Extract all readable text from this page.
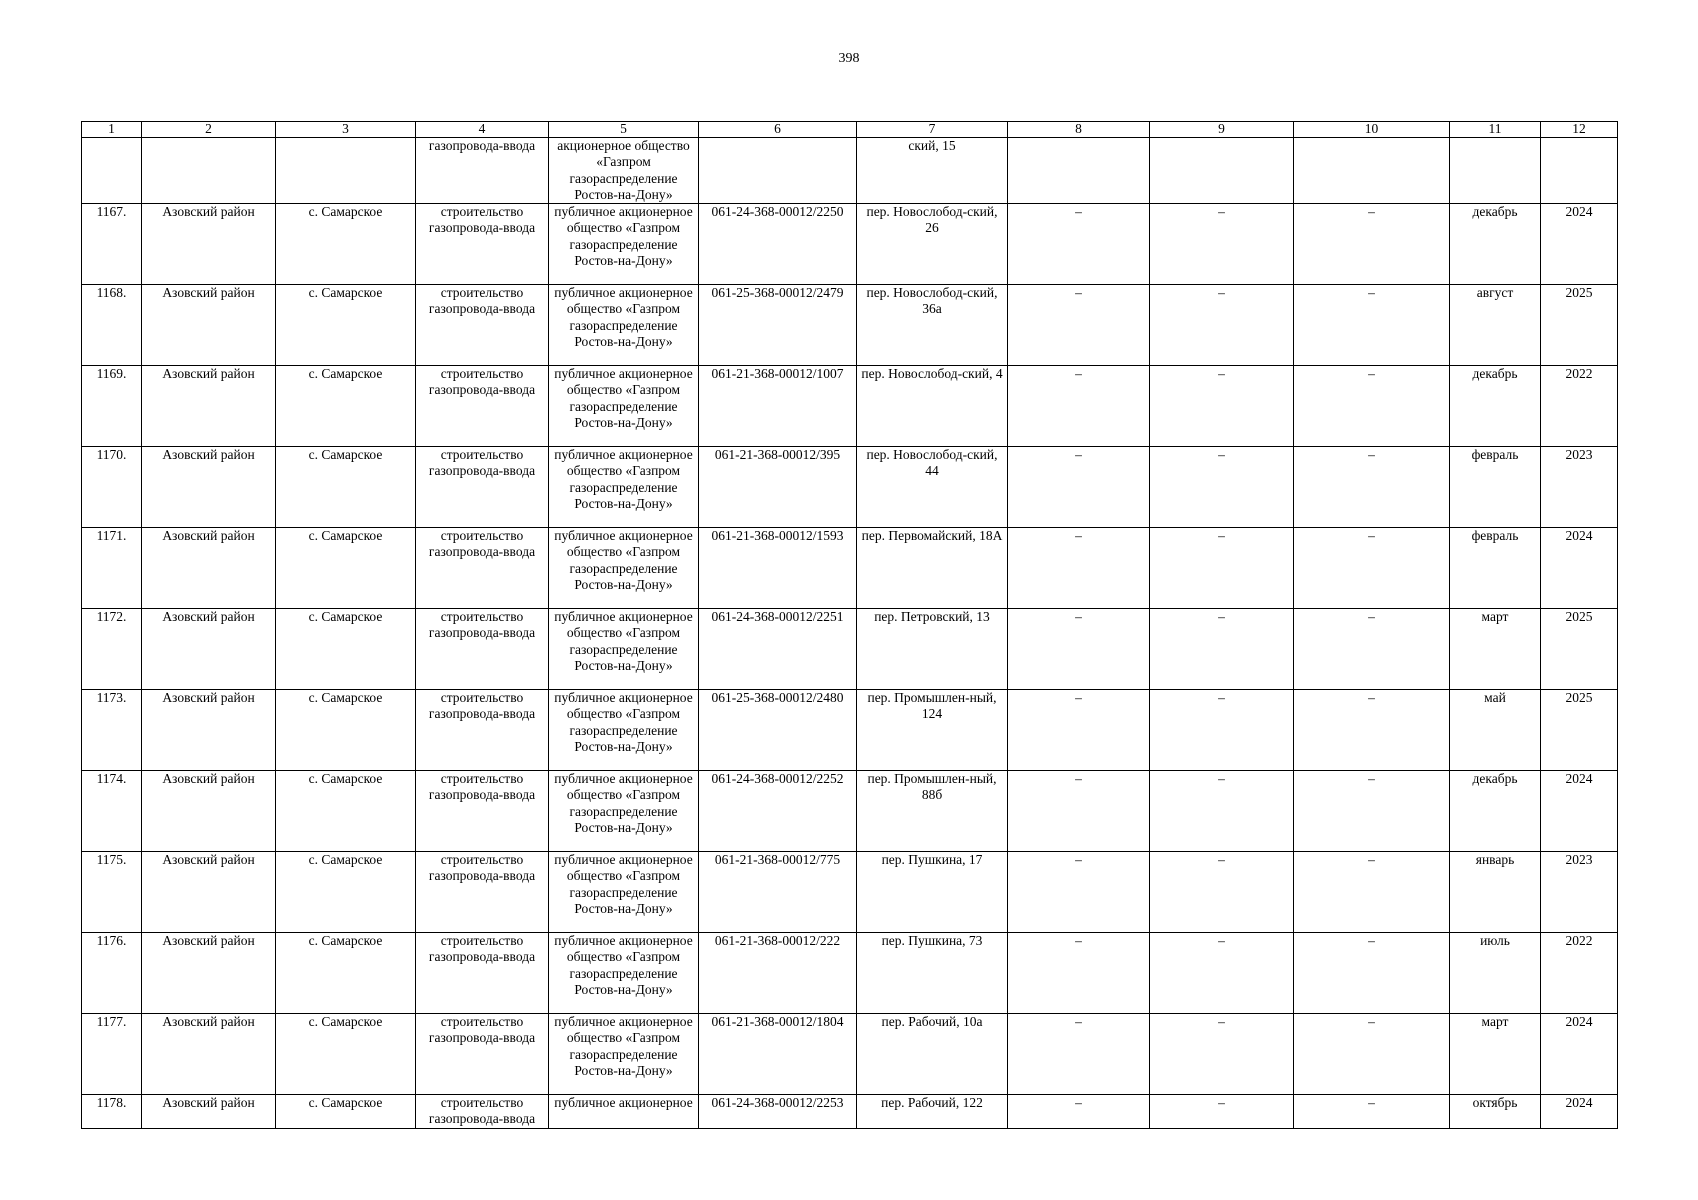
398
1	2	3	4	5	6	7	8	9	10	11	12
			газопровода-ввода	акционерное общество «Газпром газораспределение Ростов-на-Дону»		ский, 15					
1167.	Азовский район	с. Самарское	строительство газопровода-ввода	публичное акционерное общество «Газпром газораспределение Ростов-на-Дону»	061-24-368-00012/2250	пер. Новослобод-ский, 26	–	–	–	декабрь	2024
1168.	Азовский район	с. Самарское	строительство газопровода-ввода	публичное акционерное общество «Газпром газораспределение Ростов-на-Дону»	061-25-368-00012/2479	пер. Новослобод-ский, 36а	–	–	–	август	2025
1169.	Азовский район	с. Самарское	строительство газопровода-ввода	публичное акционерное общество «Газпром газораспределение Ростов-на-Дону»	061-21-368-00012/1007	пер. Новослобод-ский, 4	–	–	–	декабрь	2022
1170.	Азовский район	с. Самарское	строительство газопровода-ввода	публичное акционерное общество «Газпром газораспределение Ростов-на-Дону»	061-21-368-00012/395	пер. Новослобод-ский, 44	–	–	–	февраль	2023
1171.	Азовский район	с. Самарское	строительство газопровода-ввода	публичное акционерное общество «Газпром газораспределение Ростов-на-Дону»	061-21-368-00012/1593	пер. Первомайский, 18А	–	–	–	февраль	2024
1172.	Азовский район	с. Самарское	строительство газопровода-ввода	публичное акционерное общество «Газпром газораспределение Ростов-на-Дону»	061-24-368-00012/2251	пер. Петровский, 13	–	–	–	март	2025
1173.	Азовский район	с. Самарское	строительство газопровода-ввода	публичное акционерное общество «Газпром газораспределение Ростов-на-Дону»	061-25-368-00012/2480	пер. Промышлен-ный, 124	–	–	–	май	2025
1174.	Азовский район	с. Самарское	строительство газопровода-ввода	публичное акционерное общество «Газпром газораспределение Ростов-на-Дону»	061-24-368-00012/2252	пер. Промышлен-ный, 88б	–	–	–	декабрь	2024
1175.	Азовский район	с. Самарское	строительство газопровода-ввода	публичное акционерное общество «Газпром газораспределение Ростов-на-Дону»	061-21-368-00012/775	пер. Пушкина, 17	–	–	–	январь	2023
1176.	Азовский район	с. Самарское	строительство газопровода-ввода	публичное акционерное общество «Газпром газораспределение Ростов-на-Дону»	061-21-368-00012/222	пер. Пушкина, 73	–	–	–	июль	2022
1177.	Азовский район	с. Самарское	строительство газопровода-ввода	публичное акционерное общество «Газпром газораспределение Ростов-на-Дону»	061-21-368-00012/1804	пер. Рабочий, 10а	–	–	–	март	2024
1178.	Азовский район	с. Самарское	строительство газопровода-ввода	публичное акционерное	061-24-368-00012/2253	пер. Рабочий, 122	–	–	–	октябрь	2024
